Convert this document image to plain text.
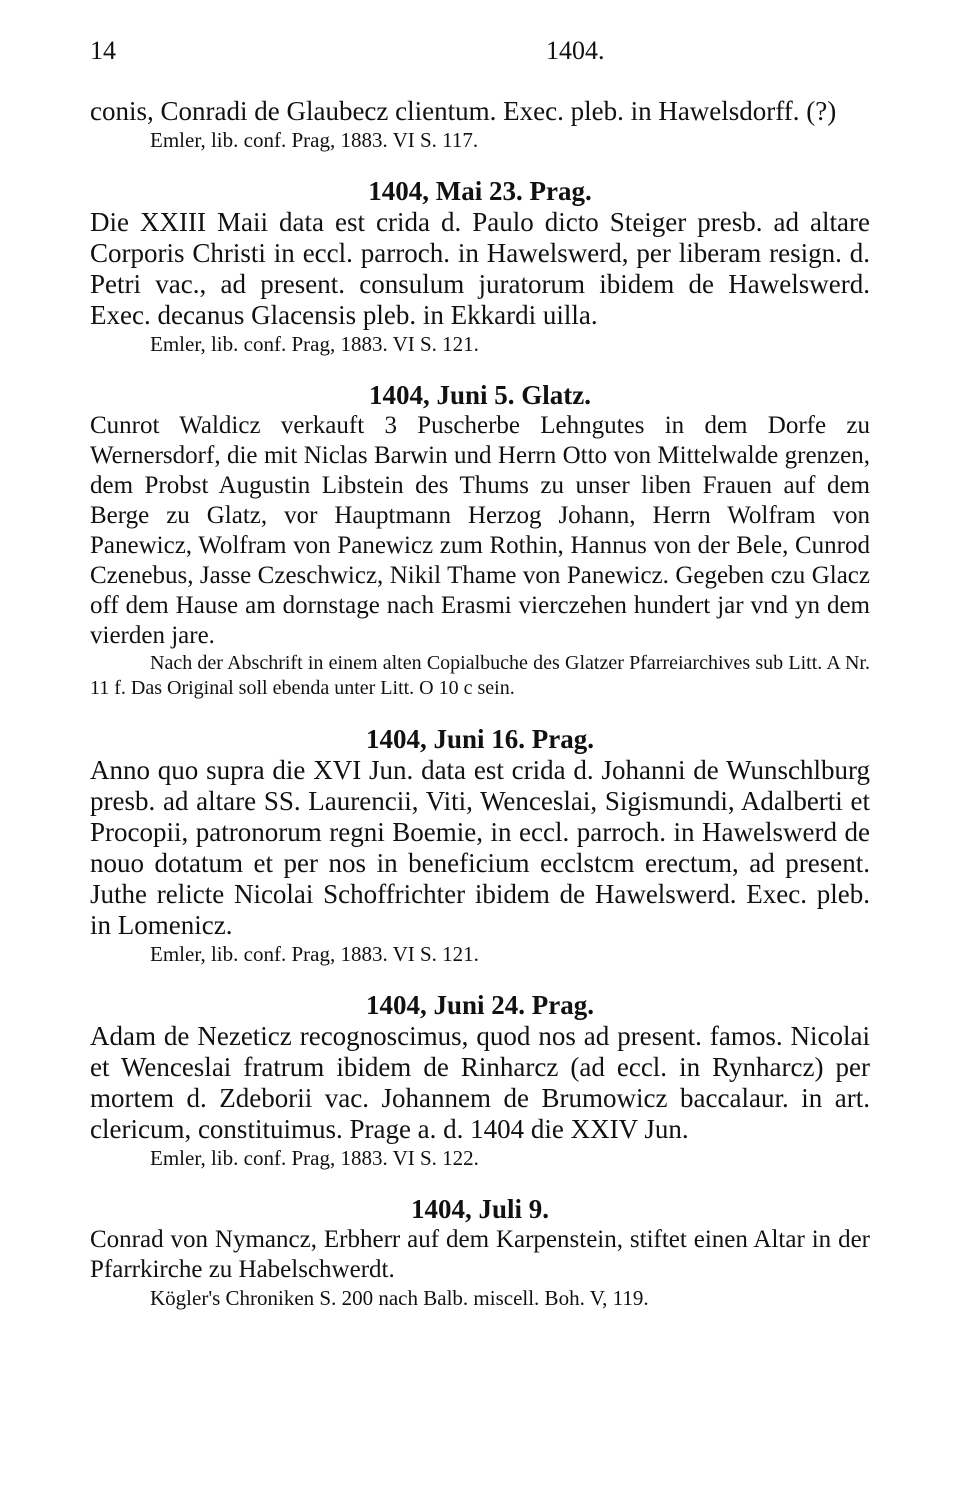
14	1404.
conis, Conradi de Glaubecz clientum. Exec. pleb. in Hawelsdorff. (?)
Emler, lib. conf. Prag, 1883. VI S. 117.
1404, Mai 23. Prag.
Die XXIII Maii data est crida d. Paulo dicto Steiger presb. ad altare Corporis Christi in eccl. parroch. in Hawelswerd, per liberam resign. d. Petri vac., ad present. consulum juratorum ibidem de Hawelswerd. Exec. decanus Glacensis pleb. in Ekkardi uilla.
Emler, lib. conf. Prag, 1883. VI S. 121.
1404, Juni 5. Glatz.
Cunrot Waldicz verkauft 3 Puscherbe Lehngutes in dem Dorfe zu Wernersdorf, die mit Niclas Barwin und Herrn Otto von Mittelwalde grenzen, dem Probst Augustin Libstein des Thums zu unser liben Frauen auf dem Berge zu Glatz, vor Hauptmann Herzog Johann, Herrn Wolfram von Panewicz, Wolfram von Panewicz zum Rothin, Hannus von der Bele, Cunrod Czenebus, Jasse Czeschwicz, Nikil Thame von Panewicz. Gegeben czu Glacz off dem Hause am dornstage nach Erasmi vierczehen hundert jar vnd yn dem vierden jare.
Nach der Abschrift in einem alten Copialbuche des Glatzer Pfarreiarchives sub Litt. A Nr. 11 f. Das Original soll ebenda unter Litt. O 10 c sein.
1404, Juni 16. Prag.
Anno quo supra die XVI Jun. data est crida d. Johanni de Wunschlburg presb. ad altare SS. Laurencii, Viti, Wenceslai, Sigismundi, Adalberti et Procopii, patronorum regni Boemie, in eccl. parroch. in Hawelswerd de nouo dotatum et per nos in beneficium ecclstcm erectum, ad present. Juthe relicte Nicolai Schoffrichter ibidem de Hawelswerd. Exec. pleb. in Lomenicz.
Emler, lib. conf. Prag, 1883. VI S. 121.
1404, Juni 24. Prag.
Adam de Nezeticz recognoscimus, quod nos ad present. famos. Nicolai et Wenceslai fratrum ibidem de Rinharcz (ad eccl. in Rynharcz) per mortem d. Zdeborii vac. Johannem de Brumowicz baccalaur. in art. clericum, constituimus. Prage a. d. 1404 die XXIV Jun.
Emler, lib. conf. Prag, 1883. VI S. 122.
1404, Juli 9.
Conrad von Nymancz, Erbherr auf dem Karpenstein, stiftet einen Altar in der Pfarrkirche zu Habelschwerdt.
Kögler's Chroniken S. 200 nach Balb. miscell. Boh. V, 119.
